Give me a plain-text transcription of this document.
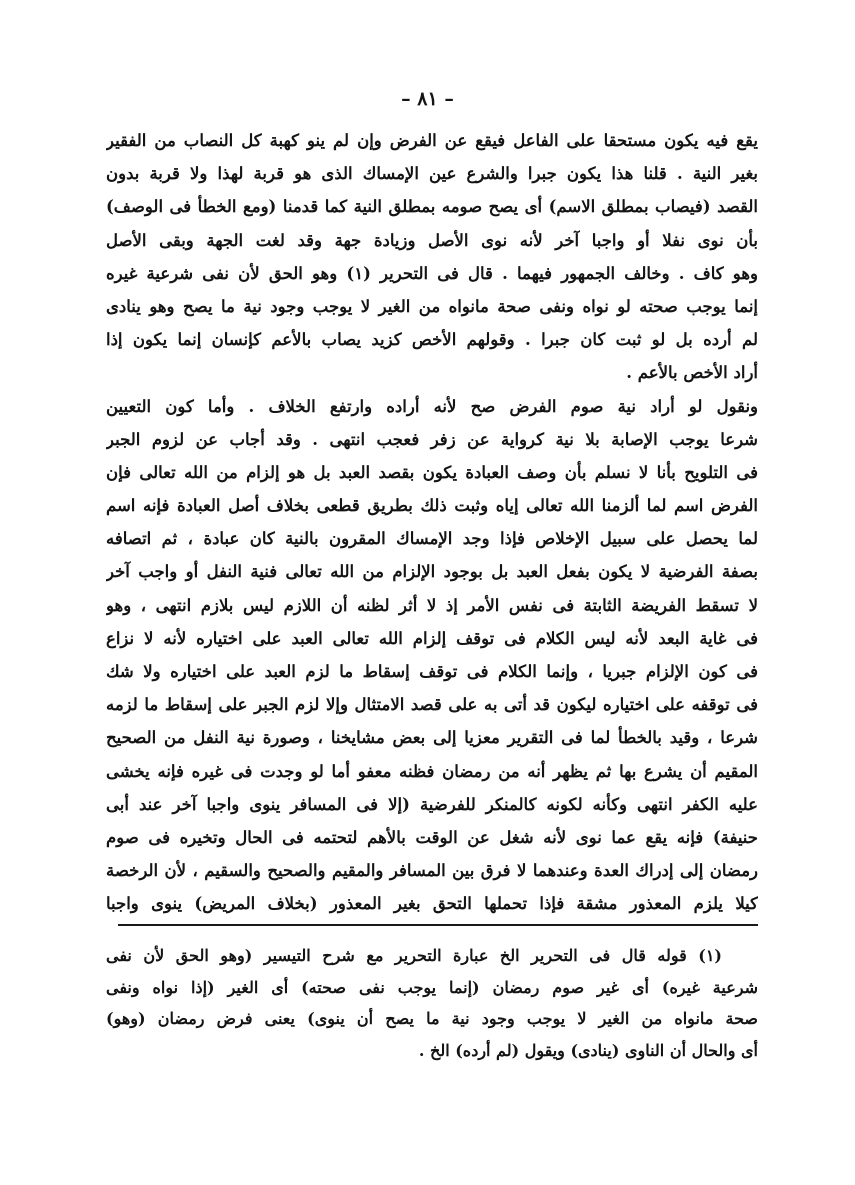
– ٨١ –
يقع فيه يكون مستحقا على الفاعل فيقع عن الفرض وإن لم ينو كهبة كل النصاب من الفقير
بغير النية . قلنا هذا يكون جبرا والشرع عين الإمساك الذى هو قربة لهذا ولا قربة بدون
القصد (فيصاب بمطلق الاسم) أى يصح صومه بمطلق النية كما قدمنا (ومع الخطأ فى الوصف)
بأن نوى نفلا أو واجبا آخر لأنه نوى الأصل وزيادة جهة وقد لغت الجهة وبقى الأصل
وهو كاف . وخالف الجمهور فيهما . قال فى التحرير (١) وهو الحق لأن نفى شرعية غيره
إنما يوجب صحته لو نواه ونفى صحة مانواه من الغير لا يوجب وجود نية ما يصح وهو ينادى
لم أرده بل لو ثبت كان جبرا . وقولهم الأخص كزيد يصاب بالأعم كإنسان إنما يكون إذا
أراد الأخص بالأعم .
ونقول لو أراد نية صوم الفرض صح لأنه أراده وارتفع الخلاف . وأما كون التعيين
شرعا يوجب الإصابة بلا نية كرواية عن زفر فعجب انتهى . وقد أجاب عن لزوم الجبر
فى التلويح بأنا لا نسلم بأن وصف العبادة يكون بقصد العبد بل هو إلزام من الله تعالى فإن
الفرض اسم لما ألزمنا الله تعالى إياه وثبت ذلك بطريق قطعى بخلاف أصل العبادة فإنه اسم
لما يحصل على سبيل الإخلاص فإذا وجد الإمساك المقرون بالنية كان عبادة ، ثم اتصافه
بصفة الفرضية لا يكون بفعل العبد بل بوجود الإلزام من الله تعالى فنية النفل أو واجب آخر
لا تسقط الفريضة الثابتة فى نفس الأمر إذ لا أثر لظنه أن اللازم ليس بلازم انتهى ، وهو
فى غاية البعد لأنه ليس الكلام فى توقف إلزام الله تعالى العبد على اختياره لأنه لا نزاع
فى كون الإلزام جبريا ، وإنما الكلام فى توقف إسقاط ما لزم العبد على اختياره ولا شك
فى توقفه على اختياره ليكون قد أتى به على قصد الامتثال وإلا لزم الجبر على إسقاط ما لزمه
شرعا ، وقيد بالخطأ لما فى التقرير معزيا إلى بعض مشايخنا ، وصورة نية النفل من الصحيح
المقيم أن يشرع بها ثم يظهر أنه من رمضان فظنه معفو أما لو وجدت فى غيره فإنه يخشى
عليه الكفر انتهى وكأنه لكونه كالمنكر للفرضية (إلا فى المسافر ينوى واجبا آخر عند أبى
حنيفة) فإنه يقع عما نوى لأنه شغل عن الوقت بالأهم لتحتمه فى الحال وتخيره فى صوم
رمضان إلى إدراك العدة وعندهما لا فرق بين المسافر والمقيم والصحيح والسقيم ، لأن الرخصة
كيلا يلزم المعذور مشقة فإذا تحملها التحق بغير المعذور (بخلاف المريض) ينوى واجبا
(١) قوله قال فى التحرير الخ عبارة التحرير مع شرح التيسير (وهو الحق لأن نفى
شرعية غيره) أى غير صوم رمضان (إنما يوجب نفى صحته) أى الغير (إذا نواه ونفى
صحة مانواه من الغير لا يوجب وجود نية ما يصح أن ينوى) يعنى فرض رمضان (وهو)
أى والحال أن الناوى (ينادى) ويقول (لم أرده) الخ .
